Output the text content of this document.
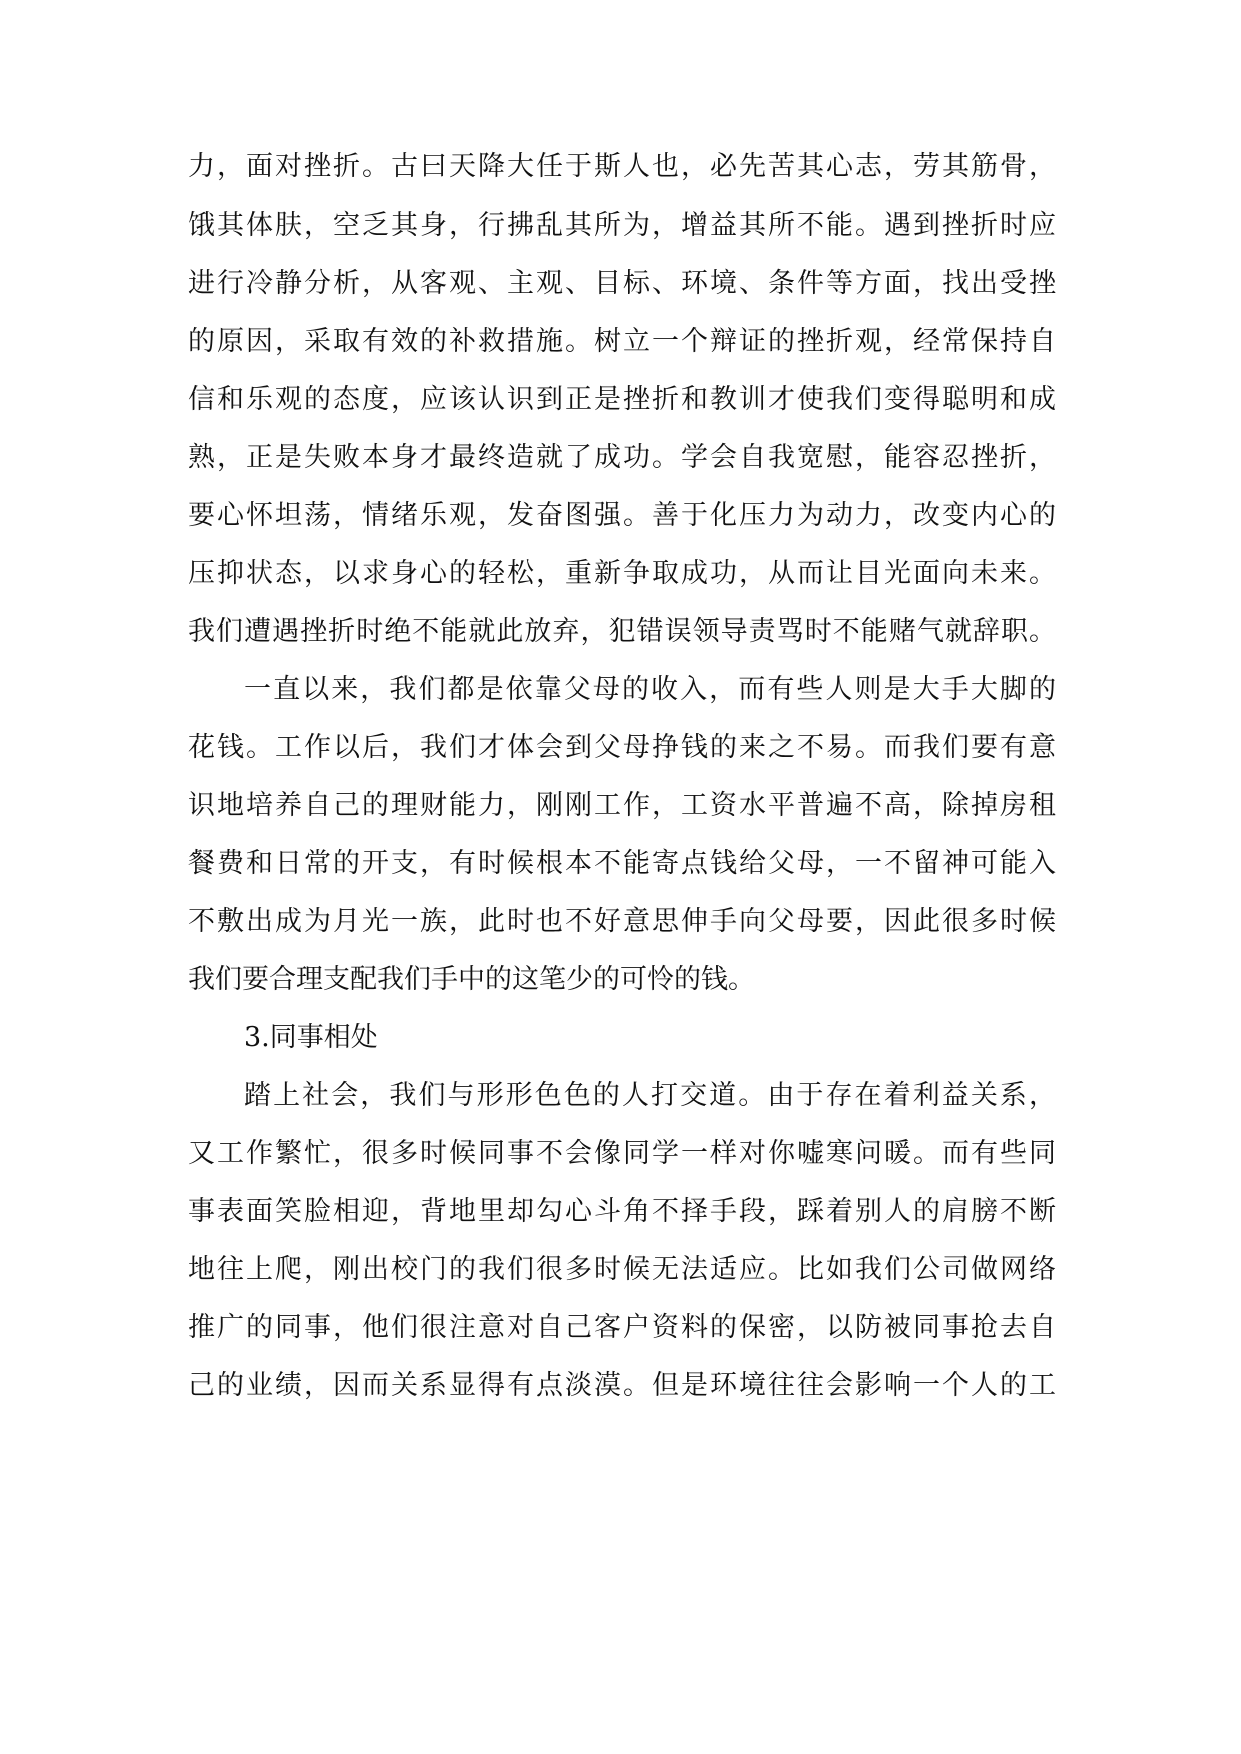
力，面对挫折。古曰天降大任于斯人也，必先苦其心志，劳其筋骨，
饿其体肤，空乏其身，行拂乱其所为，增益其所不能。遇到挫折时应
进行冷静分析，从客观、主观、目标、环境、条件等方面，找出受挫
的原因，采取有效的补救措施。树立一个辩证的挫折观，经常保持自
信和乐观的态度，应该认识到正是挫折和教训才使我们变得聪明和成
熟，正是失败本身才最终造就了成功。学会自我宽慰，能容忍挫折，
要心怀坦荡，情绪乐观，发奋图强。善于化压力为动力，改变内心的
压抑状态，以求身心的轻松，重新争取成功，从而让目光面向未来。
我们遭遇挫折时绝不能就此放弃，犯错误领导责骂时不能赌气就辞职。
一直以来，我们都是依靠父母的收入，而有些人则是大手大脚的
花钱。工作以后，我们才体会到父母挣钱的来之不易。而我们要有意
识地培养自己的理财能力，刚刚工作，工资水平普遍不高，除掉房租
餐费和日常的开支，有时候根本不能寄点钱给父母，一不留神可能入
不敷出成为月光一族，此时也不好意思伸手向父母要，因此很多时候
我们要合理支配我们手中的这笔少的可怜的钱。
3.同事相处
踏上社会，我们与形形色色的人打交道。由于存在着利益关系，
又工作繁忙，很多时候同事不会像同学一样对你嘘寒问暖。而有些同
事表面笑脸相迎，背地里却勾心斗角不择手段，踩着别人的肩膀不断
地往上爬，刚出校门的我们很多时候无法适应。比如我们公司做网络
推广的同事，他们很注意对自己客户资料的保密，以防被同事抢去自
己的业绩，因而关系显得有点淡漠。但是环境往往会影响一个人的工
